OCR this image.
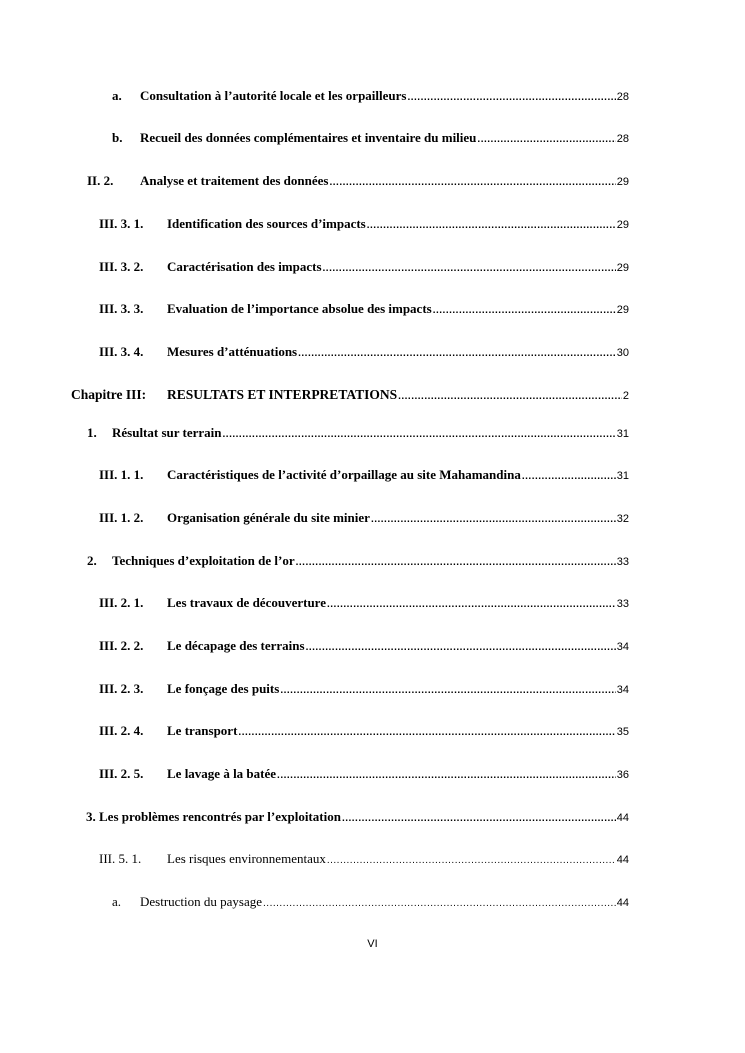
a.	Consultation à l’autorité locale et les orpailleurs .....	28
b.	Recueil des données complémentaires et inventaire du milieu .....	28
II. 2.	Analyse et traitement des données .....	29
III. 3. 1.	Identification des sources d’impacts .....	29
III. 3. 2.	Caractérisation des impacts .....	29
III. 3. 3.	Evaluation de l’importance absolue des impacts .....	29
III. 3. 4.	Mesures d’atténuations .....	30
Chapitre III:	RESULTATS ET INTERPRETATIONS .....	2
1.	Résultat sur terrain .....	31
III. 1. 1.	Caractéristiques de l’activité d’orpaillage au site Mahamandina .....	31
III. 1. 2.	Organisation générale du site minier .....	32
2.	Techniques d’exploitation de l’or .....	33
III. 2. 1.	Les travaux de découverture .....	33
III. 2. 2.	Le décapage des terrains .....	34
III. 2. 3.	Le fonçage des puits .....	34
III. 2. 4.	Le transport .....	35
III. 2. 5.	Le lavage à la batée .....	36
3. Les problèmes rencontrés par l’exploitation .....	44
III. 5. 1.	Les risques environnementaux .....	44
a.	Destruction du paysage .....	44
VI
